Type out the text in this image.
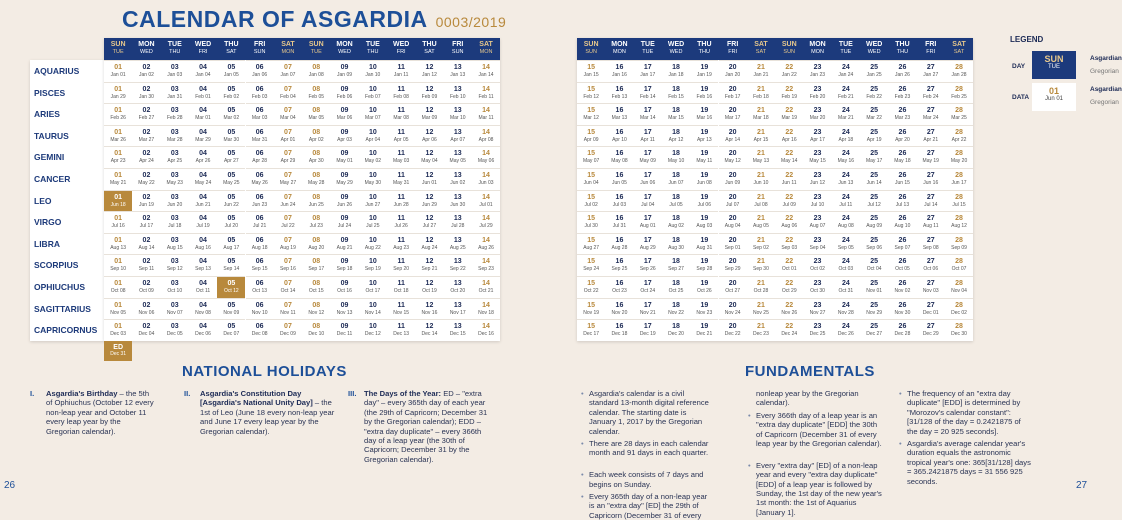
CALENDAR OF ASGARDIA 0003/2019
AQUARIUS
PISCES
ARIES
TAURUS
GEMINI
CANCER
LEO
VIRGO
LIBRA
SCORPIUS
OPHIUCHUS
SAGITTARIUS
CAPRICORNUS
SUN
TUE
MON
WED
TUE
THU
WED
FRI
THU
SAT
FRI
SUN
SAT
MON
SUN
TUE
MON
WED
TUE
THU
WED
FRI
THU
SAT
FRI
SUN
SAT
MON
01
Jan 01
02
Jan 02
03
Jan 03
04
Jan 04
05
Jan 05
06
Jan 06
07
Jan 07
08
Jan 08
09
Jan 09
10
Jan 10
11
Jan 11
12
Jan 12
13
Jan 13
14
Jan 14
01
Jan 29
02
Jan 30
03
Jan 31
04
Feb 01
05
Feb 02
06
Feb 03
07
Feb 04
08
Feb 05
09
Feb 06
10
Feb 07
11
Feb 08
12
Feb 09
13
Feb 10
14
Feb 11
01
Feb 26
02
Feb 27
03
Feb 28
04
Mar 01
05
Mar 02
06
Mar 03
07
Mar 04
08
Mar 05
09
Mar 06
10
Mar 07
11
Mar 08
12
Mar 09
13
Mar 10
14
Mar 11
01
Mar 26
02
Mar 27
03
Mar 28
04
Mar 29
05
Mar 30
06
Mar 31
07
Apr 01
08
Apr 02
09
Apr 03
10
Apr 04
11
Apr 05
12
Apr 06
13
Apr 07
14
Apr 08
01
Apr 23
02
Apr 24
03
Apr 25
04
Apr 26
05
Apr 27
06
Apr 28
07
Apr 29
08
Apr 30
09
May 01
10
May 02
11
May 03
12
May 04
13
May 05
14
May 06
01
May 21
02
May 22
03
May 23
04
May 24
05
May 25
06
May 26
07
May 27
08
May 28
09
May 29
10
May 30
11
May 31
12
Jun 01
13
Jun 02
14
Jun 03
01
Jun 18
02
Jun 19
03
Jun 20
04
Jun 21
05
Jun 22
06
Jun 23
07
Jun 24
08
Jun 25
09
Jun 26
10
Jun 27
11
Jun 28
12
Jun 29
13
Jun 30
14
Jul 01
01
Jul 16
02
Jul 17
03
Jul 18
04
Jul 19
05
Jul 20
06
Jul 21
07
Jul 22
08
Jul 23
09
Jul 24
10
Jul 25
11
Jul 26
12
Jul 27
13
Jul 28
14
Jul 29
01
Aug 13
02
Aug 14
03
Aug 15
04
Aug 16
05
Aug 17
06
Aug 18
07
Aug 19
08
Aug 20
09
Aug 21
10
Aug 22
11
Aug 23
12
Aug 24
13
Aug 25
14
Aug 26
01
Sep 10
02
Sep 11
03
Sep 12
04
Sep 13
05
Sep 14
06
Sep 15
07
Sep 16
08
Sep 17
09
Sep 18
10
Sep 19
11
Sep 20
12
Sep 21
13
Sep 22
14
Sep 23
01
Oct 08
02
Oct 09
03
Oct 10
04
Oct 11
05
Oct 12
06
Oct 13
07
Oct 14
08
Oct 15
09
Oct 16
10
Oct 17
11
Oct 18
12
Oct 19
13
Oct 20
14
Oct 21
01
Nov 05
02
Nov 06
03
Nov 07
04
Nov 08
05
Nov 09
06
Nov 10
07
Nov 11
08
Nov 12
09
Nov 13
10
Nov 14
11
Nov 15
12
Nov 16
13
Nov 17
14
Nov 18
01
Dec 03
02
Dec 04
03
Dec 05
04
Dec 06
05
Dec 07
06
Dec 08
07
Dec 09
08
Dec 10
09
Dec 11
10
Dec 12
11
Dec 13
12
Dec 14
13
Dec 15
14
Dec 16
SUN
SUN
MON
MON
TUE
TUE
WED
WED
THU
THU
FRI
FRI
SAT
SAT
SUN
SUN
MON
MON
TUE
TUE
WED
WED
THU
THU
FRI
FRI
SAT
SAT
15
Jan 15
16
Jan 16
17
Jan 17
18
Jan 18
19
Jan 19
20
Jan 20
21
Jan 21
22
Jan 22
23
Jan 23
24
Jan 24
25
Jan 25
26
Jan 26
27
Jan 27
28
Jan 28
15
Feb 12
16
Feb 13
17
Feb 14
18
Feb 15
19
Feb 16
20
Feb 17
21
Feb 18
22
Feb 19
23
Feb 20
24
Feb 21
25
Feb 22
26
Feb 23
27
Feb 24
28
Feb 25
15
Mar 12
16
Mar 13
17
Mar 14
18
Mar 15
19
Mar 16
20
Mar 17
21
Mar 18
22
Mar 19
23
Mar 20
24
Mar 21
25
Mar 22
26
Mar 23
27
Mar 24
28
Mar 25
15
Apr 09
16
Apr 10
17
Apr 11
18
Apr 12
19
Apr 13
20
Apr 14
21
Apr 15
22
Apr 16
23
Apr 17
24
Apr 18
25
Apr 19
26
Apr 20
27
Apr 21
28
Apr 22
15
May 07
16
May 08
17
May 09
18
May 10
19
May 11
20
May 12
21
May 13
22
May 14
23
May 15
24
May 16
25
May 17
26
May 18
27
May 19
28
May 20
15
Jun 04
16
Jun 05
17
Jun 06
18
Jun 07
19
Jun 08
20
Jun 09
21
Jun 10
22
Jun 11
23
Jun 12
24
Jun 13
25
Jun 14
26
Jun 15
27
Jun 16
28
Jun 17
15
Jul 02
16
Jul 03
17
Jul 04
18
Jul 05
19
Jul 06
20
Jul 07
21
Jul 08
22
Jul 09
23
Jul 10
24
Jul 11
25
Jul 12
26
Jul 13
27
Jul 14
28
Jul 15
15
Jul 30
16
Jul 31
17
Aug 01
18
Aug 02
19
Aug 03
20
Aug 04
21
Aug 05
22
Aug 06
23
Aug 07
24
Aug 08
25
Aug 09
26
Aug 10
27
Aug 11
28
Aug 12
15
Aug 27
16
Aug 28
17
Aug 29
18
Aug 30
19
Aug 31
20
Sep 01
21
Sep 02
22
Sep 03
23
Sep 04
24
Sep 05
25
Sep 06
26
Sep 07
27
Sep 08
28
Sep 09
15
Sep 24
16
Sep 25
17
Sep 26
18
Sep 27
19
Sep 28
20
Sep 29
21
Sep 30
22
Oct 01
23
Oct 02
24
Oct 03
25
Oct 04
26
Oct 05
27
Oct 06
28
Oct 07
15
Oct 22
16
Oct 23
17
Oct 24
18
Oct 25
19
Oct 26
20
Oct 27
21
Oct 28
22
Oct 29
23
Oct 30
24
Oct 31
25
Nov 01
26
Nov 02
27
Nov 03
28
Nov 04
15
Nov 19
16
Nov 20
17
Nov 21
18
Nov 22
19
Nov 23
20
Nov 24
21
Nov 25
22
Nov 26
23
Nov 27
24
Nov 28
25
Nov 29
26
Nov 30
27
Dec 01
28
Dec 02
15
Dec 17
16
Dec 18
17
Dec 19
18
Dec 20
19
Dec 21
20
Dec 22
21
Dec 23
22
Dec 24
23
Dec 25
24
Dec 26
25
Dec 27
26
Dec 28
27
Dec 29
28
Dec 30
LEGEND
DAY
SUN
TUE
Asgardian
Gregorian
DATA
01
Jun 01
Asgardian
Gregorian
NATIONAL HOLIDAYS
I. Asgardia's Birthday – the 5th of Ophiuchus (October 12 every non-leap year and October 11 every leap year by the Gregorian calendar).
II. Asgardia's Constitution Day [Asgardia's National Unity Day] – the 1st of Leo (June 18 every non-leap year and June 17 every leap year by the Gregorian calendar).
III. The Days of the Year: ED – "extra day" – every 365th day of each year (the 29th of Capricorn; December 31 by the Gregorian calendar); EDD – "extra day duplicate" – every 366th day of a leap year (the 30th of Capricorn; December 31 by the Gregorian calendar).
FUNDAMENTALS
• Asgardia's calendar is a civil standard 13-month digital reference calendar. The starting date is January 1, 2017 by the Gregorian calendar.
• There are 28 days in each calendar month and 91 days in each quarter.
• Each week consists of 7 days and begins on Sunday.
• Every 365th day of a non-leap year is an "extra day" [ED] the 29th of Capricorn (December 31 of every
nonleap year by the Gregorian calendar).
• Every 366th day of a leap year is an "extra day duplicate" [EDD] the 30th of Capricorn (December 31 of every leap year by the Gregorian calendar).
• Every "extra day" [ED] of a non-leap year and every "extra day duplicate" [EDD] of a leap year is followed by Sunday, the 1st day of the new year's 1st month: the 1st of Aquarius [January 1].
• The frequency of an "extra day duplicate" [EDD] is determined by "Morozov's calendar constant": [31/128 of the day = 0.2421875 of the day = 20 925 seconds].
• Asgardia's average calendar year's duration equals the astronomic tropical year's one: 365[31/128] days = 365.2421875 days = 31 556 925 seconds.
26	27
ED
Dec 31
